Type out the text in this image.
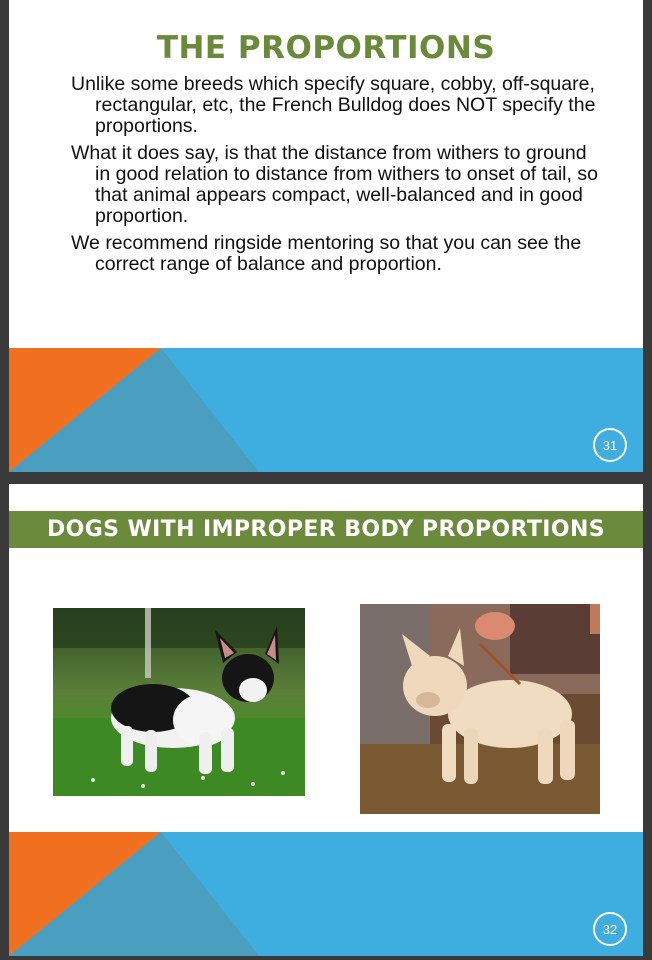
THE PROPORTIONS

Unlike some breeds which specify square, cobby, off-square, rectangular, etc, the French Bulldog does NOT specify the proportions.

What it does say, is that the distance from withers to ground in good relation to distance from withers to onset of tail, so that animal appears compact, well-balanced and in good proportion.

We recommend ringside mentoring so that you can see the correct range of balance and proportion.

31
DOGS WITH IMPROPER BODY PROPORTIONS
32
